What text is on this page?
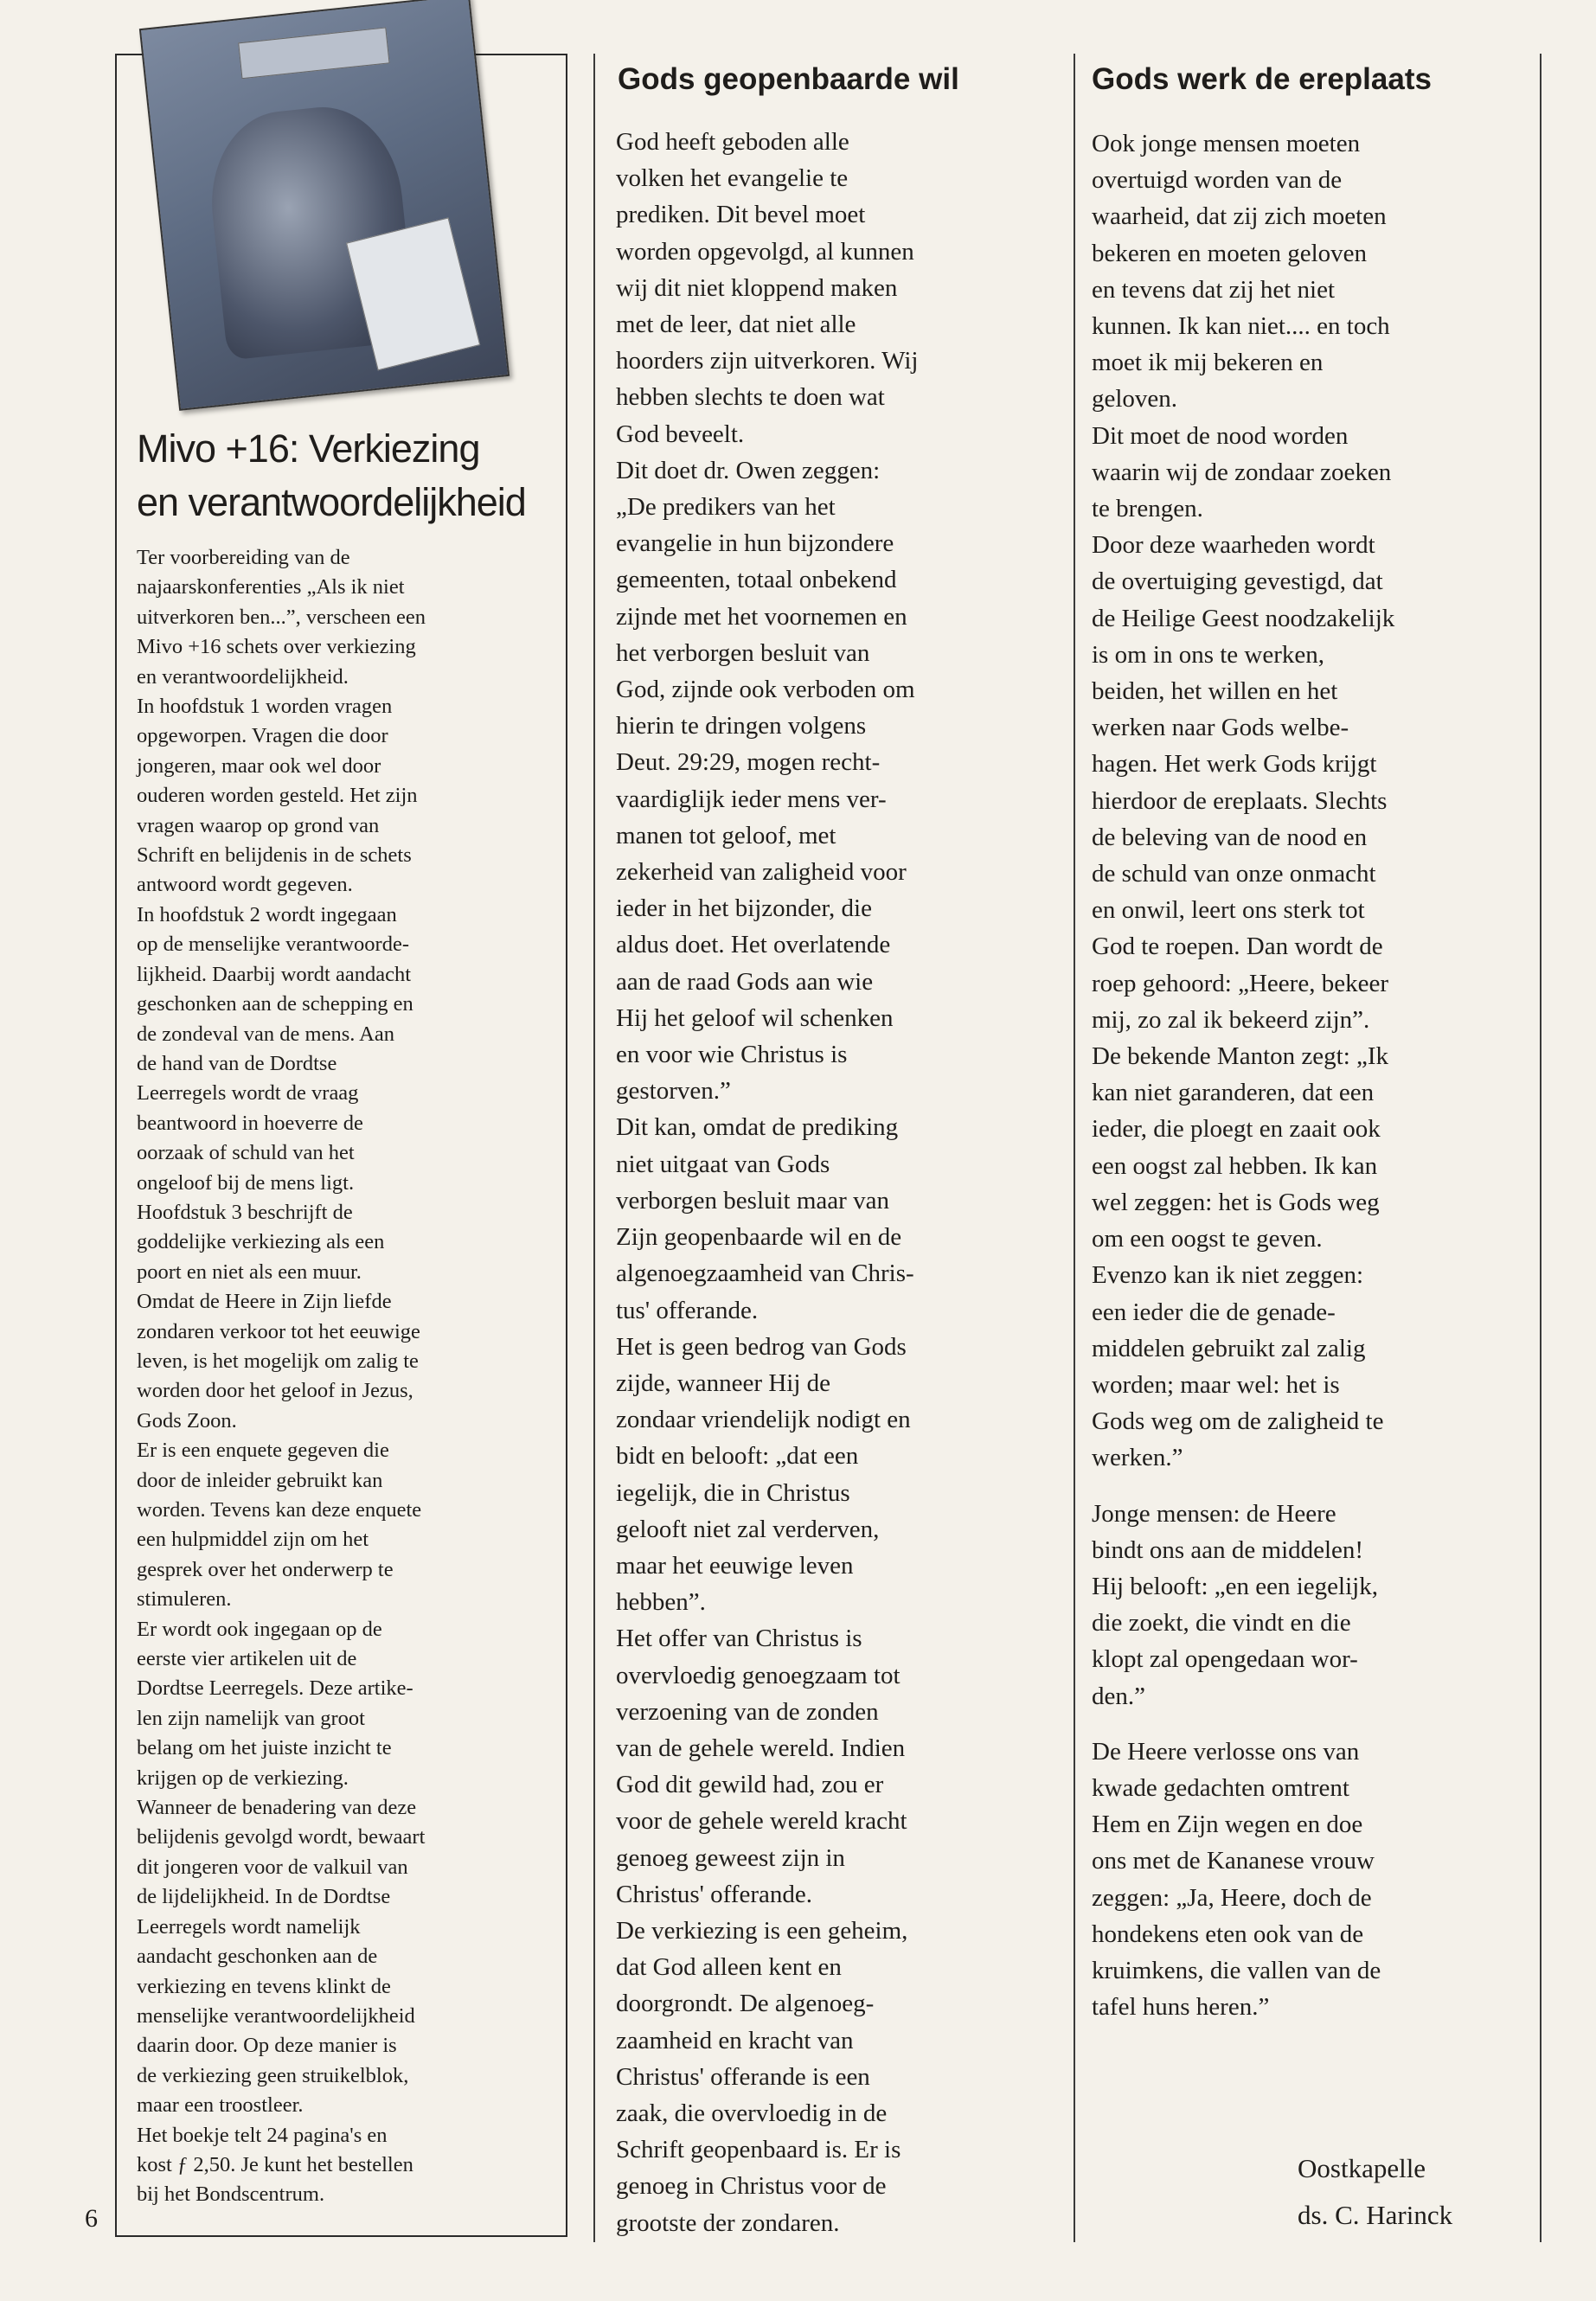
6
Mivo +16: Verkiezing
en verantwoordelijkheid
Ter voorbereiding van de
najaarskonferenties „Als ik niet
uitverkoren ben...”, verscheen een
Mivo +16 schets over verkiezing
en verantwoordelijkheid.
In hoofdstuk 1 worden vragen
opgeworpen. Vragen die door
jongeren, maar ook wel door
ouderen worden gesteld. Het zijn
vragen waarop op grond van
Schrift en belijdenis in de schets
antwoord wordt gegeven.
In hoofdstuk 2 wordt ingegaan
op de menselijke verantwoorde-
lijkheid. Daarbij wordt aandacht
geschonken aan de schepping en
de zondeval van de mens. Aan
de hand van de Dordtse
Leerregels wordt de vraag
beantwoord in hoeverre de
oorzaak of schuld van het
ongeloof bij de mens ligt.
Hoofdstuk 3 beschrijft de
goddelijke verkiezing als een
poort en niet als een muur.
Omdat de Heere in Zijn liefde
zondaren verkoor tot het eeuwige
leven, is het mogelijk om zalig te
worden door het geloof in Jezus,
Gods Zoon.
Er is een enquete gegeven die
door de inleider gebruikt kan
worden. Tevens kan deze enquete
een hulpmiddel zijn om het
gesprek over het onderwerp te
stimuleren.
Er wordt ook ingegaan op de
eerste vier artikelen uit de
Dordtse Leerregels. Deze artike-
len zijn namelijk van groot
belang om het juiste inzicht te
krijgen op de verkiezing.
Wanneer de benadering van deze
belijdenis gevolgd wordt, bewaart
dit jongeren voor de valkuil van
de lijdelijkheid. In de Dordtse
Leerregels wordt namelijk
aandacht geschonken aan de
verkiezing en tevens klinkt de
menselijke verantwoordelijkheid
daarin door. Op deze manier is
de verkiezing geen struikelblok,
maar een troostleer.
Het boekje telt 24 pagina's en
kost ƒ 2,50. Je kunt het bestellen
bij het Bondscentrum.
Gods geopenbaarde wil
God heeft geboden alle
volken het evangelie te
prediken. Dit bevel moet
worden opgevolgd, al kunnen
wij dit niet kloppend maken
met de leer, dat niet alle
hoorders zijn uitverkoren. Wij
hebben slechts te doen wat
God beveelt.
Dit doet dr. Owen zeggen:
„De predikers van het
evangelie in hun bijzondere
gemeenten, totaal onbekend
zijnde met het voornemen en
het verborgen besluit van
God, zijnde ook verboden om
hierin te dringen volgens
Deut. 29:29, mogen recht-
vaardiglijk ieder mens ver-
manen tot geloof, met
zekerheid van zaligheid voor
ieder in het bijzonder, die
aldus doet. Het overlatende
aan de raad Gods aan wie
Hij het geloof wil schenken
en voor wie Christus is
gestorven.”
Dit kan, omdat de prediking
niet uitgaat van Gods
verborgen besluit maar van
Zijn geopenbaarde wil en de
algenoegzaamheid van Chris-
tus' offerande.
Het is geen bedrog van Gods
zijde, wanneer Hij de
zondaar vriendelijk nodigt en
bidt en belooft: „dat een
iegelijk, die in Christus
gelooft niet zal verderven,
maar het eeuwige leven
hebben”.
Het offer van Christus is
overvloedig genoegzaam tot
verzoening van de zonden
van de gehele wereld. Indien
God dit gewild had, zou er
voor de gehele wereld kracht
genoeg geweest zijn in
Christus' offerande.
De verkiezing is een geheim,
dat God alleen kent en
doorgrondt. De algenoeg-
zaamheid en kracht van
Christus' offerande is een
zaak, die overvloedig in de
Schrift geopenbaard is. Er is
genoeg in Christus voor de
grootste der zondaren.
Gods werk de ereplaats
Ook jonge mensen moeten
overtuigd worden van de
waarheid, dat zij zich moeten
bekeren en moeten geloven
en tevens dat zij het niet
kunnen. Ik kan niet.... en toch
moet ik mij bekeren en
geloven.
Dit moet de nood worden
waarin wij de zondaar zoeken
te brengen.
Door deze waarheden wordt
de overtuiging gevestigd, dat
de Heilige Geest noodzakelijk
is om in ons te werken,
beiden, het willen en het
werken naar Gods welbe-
hagen. Het werk Gods krijgt
hierdoor de ereplaats. Slechts
de beleving van de nood en
de schuld van onze onmacht
en onwil, leert ons sterk tot
God te roepen. Dan wordt de
roep gehoord: „Heere, bekeer
mij, zo zal ik bekeerd zijn”.
De bekende Manton zegt: „Ik
kan niet garanderen, dat een
ieder, die ploegt en zaait ook
een oogst zal hebben. Ik kan
wel zeggen: het is Gods weg
om een oogst te geven.
Evenzo kan ik niet zeggen:
een ieder die de genade-
middelen gebruikt zal zalig
worden; maar wel: het is
Gods weg om de zaligheid te
werken.”
Jonge mensen: de Heere
bindt ons aan de middelen!
Hij belooft: „en een iegelijk,
die zoekt, die vindt en die
klopt zal opengedaan wor-
den.”
De Heere verlosse ons van
kwade gedachten omtrent
Hem en Zijn wegen en doe
ons met de Kananese vrouw
zeggen: „Ja, Heere, doch de
hondekens eten ook van de
kruimkens, die vallen van de
tafel huns heren.”
Oostkapelle
ds. C. Harinck
